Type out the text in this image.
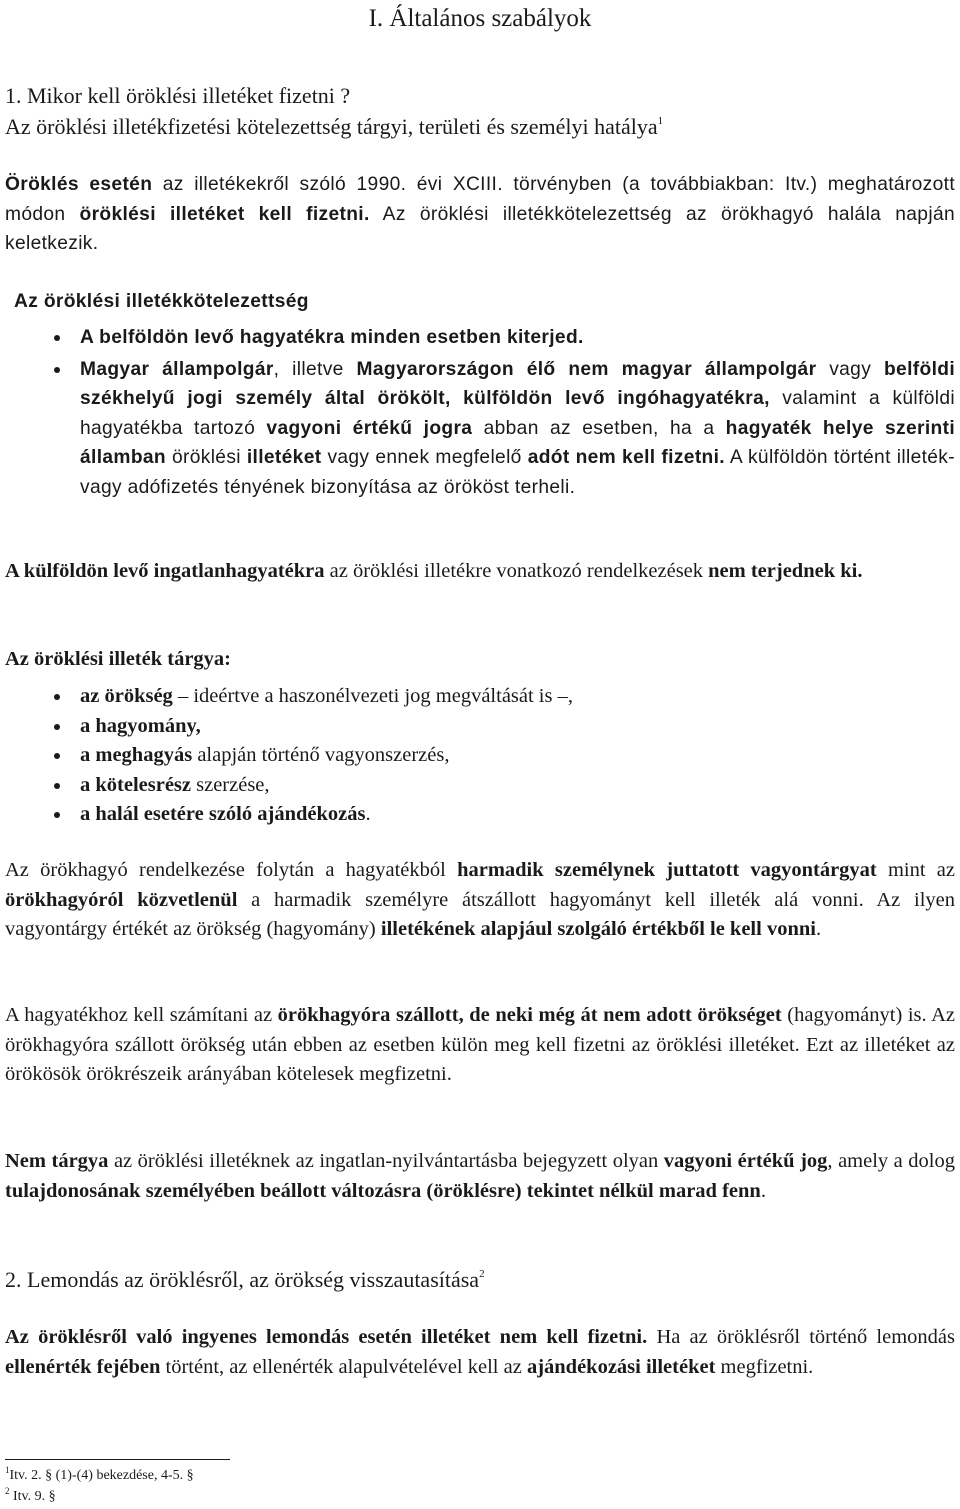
I. Általános szabályok

1. Mikor kell öröklési illetéket fizetni ?

Az öröklési illetékfizetési kötelezettség tárgyi, területi és személyi hatálya$^1$

Öröklés esetén az illetékekről szóló 1990. évi XCIII. törvényben (a továbbiakban: Itv.) meghatározott módon öröklési illetéket kell fizetni. Az öröklési illetékkötelezettség az örökhagyó halála napján keletkezik.

Az öröklési illetékkötelezettség

A belföldön levő hagyatékra minden esetben kiterjed.
Magyar állampolgár, illetve Magyarországon élő nem magyar állampolgár vagy belföldi székhelyű jogi személy által örökölt, külföldön levő ingóhagyatékra, valamint a külföldi hagyatékba tartozó vagyoni értékű jogra abban az esetben, ha a hagyaték helye szerinti államban öröklési illetéket vagy ennek megfelelő adót nem kell fizetni. A külföldön történt illeték- vagy adófizetés tényének bizonyítása az örököst terheli.

A külföldön levő ingatlanhagyatékra az öröklési illetékre vonatkozó rendelkezések nem terjednek ki.

Az öröklési illeték tárgya:

az örökség – ideértve a haszonélvezeti jog megváltását is –,
a hagyomány,
a meghagyás alapján történő vagyonszerzés,
a kötelesrész szerzése,
a halál esetére szóló ajándékozás.

Az örökhagyó rendelkezése folytán a hagyatékból harmadik személynek juttatott vagyontárgyat mint az örökhagyóról közvetlenül a harmadik személyre átszállott hagyományt kell illeték alá vonni. Az ilyen vagyontárgy értékét az örökség (hagyomány) illetékének alapjául szolgáló értékből le kell vonni.

A hagyatékhoz kell számítani az örökhagyóra szállott, de neki még át nem adott örökséget (hagyományt) is. Az örökhagyóra szállott örökség után ebben az esetben külön meg kell fizetni az öröklési illetéket. Ezt az illetéket az örökösök örökrészeik arányában kötelesek megfizetni.

Nem tárgya az öröklési illetéknek az ingatlan-nyilvántartásba bejegyzett olyan vagyoni értékű jog, amely a dolog tulajdonosának személyében beállott változásra (öröklésre) tekintet nélkül marad fenn.

2. Lemondás az öröklésről, az örökség visszautasítása$^2$

Az öröklésről való ingyenes lemondás esetén illetéket nem kell fizetni. Ha az öröklésről történő lemondás ellenérték fejében történt, az ellenérték alapulvételével kell az ajándékozási illetéket megfizetni.

$^1$Itv. 2. § (1)-(4) bekezdése, 4-5. §
$^2$ Itv. 9. §
